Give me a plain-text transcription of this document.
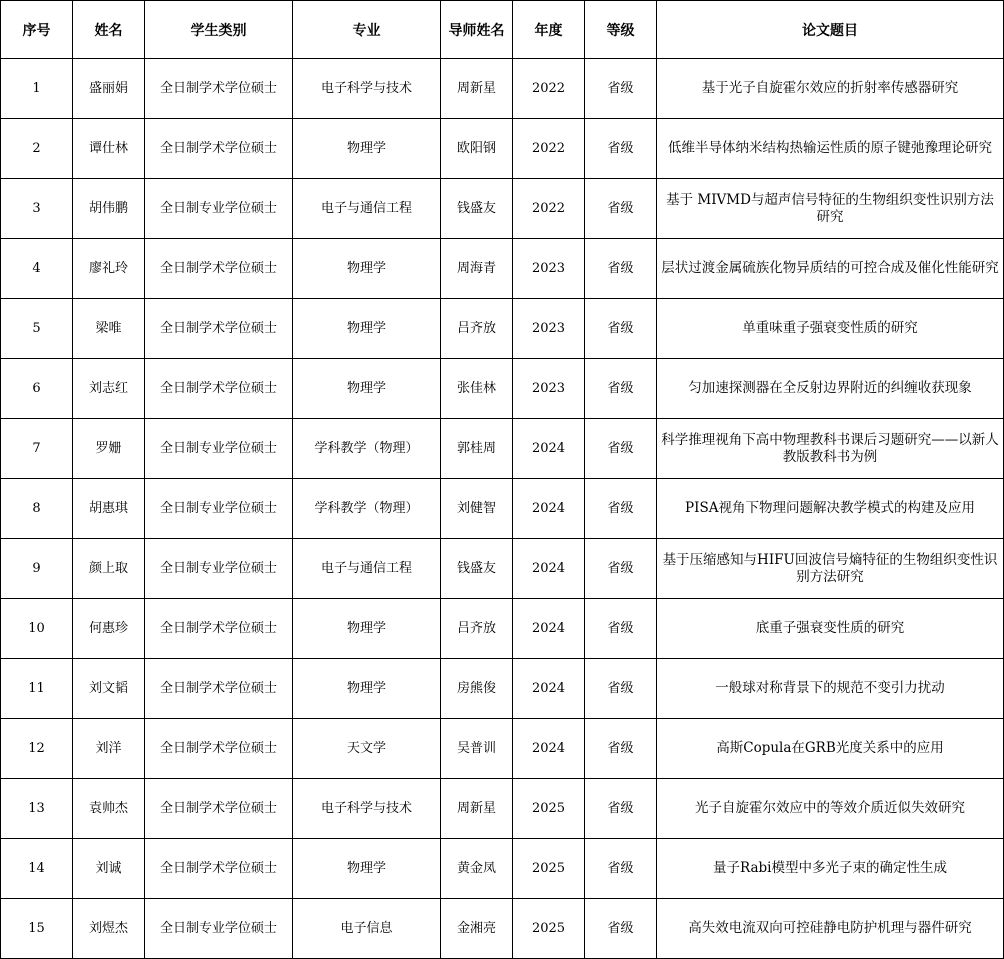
序号	姓名	学生类别	专业	导师姓名	年度	等级	论文题目
1	盛丽娟	全日制学术学位硕士	电子科学与技术	周新星	2022	省级	基于光子自旋霍尔效应的折射率传感器研究
2	谭仕林	全日制学术学位硕士	物理学	欧阳钢	2022	省级	低维半导体纳米结构热输运性质的原子键弛豫理论研究
3	胡伟鹏	全日制专业学位硕士	电子与通信工程	钱盛友	2022	省级	基于 MIVMD与超声信号特征的生物组织变性识别方法研究
4	廖礼玲	全日制学术学位硕士	物理学	周海青	2023	省级	层状过渡金属硫族化物异质结的可控合成及催化性能研究
5	梁唯	全日制学术学位硕士	物理学	吕齐放	2023	省级	单重味重子强衰变性质的研究
6	刘志红	全日制学术学位硕士	物理学	张佳林	2023	省级	匀加速探测器在全反射边界附近的纠缠收获现象
7	罗姗	全日制专业学位硕士	学科教学（物理）	郭桂周	2024	省级	科学推理视角下高中物理教科书课后习题研究——以新人教版教科书为例
8	胡惠琪	全日制专业学位硕士	学科教学（物理）	刘健智	2024	省级	PISA视角下物理问题解决教学模式的构建及应用
9	颜上取	全日制专业学位硕士	电子与通信工程	钱盛友	2024	省级	基于压缩感知与HIFU回波信号熵特征的生物组织变性识别方法研究
10	何惠珍	全日制学术学位硕士	物理学	吕齐放	2024	省级	底重子强衰变性质的研究
11	刘文韬	全日制学术学位硕士	物理学	房熊俊	2024	省级	一般球对称背景下的规范不变引力扰动
12	刘洋	全日制学术学位硕士	天文学	吴普训	2024	省级	高斯Copula在GRB光度关系中的应用
13	袁帅杰	全日制学术学位硕士	电子科学与技术	周新星	2025	省级	光子自旋霍尔效应中的等效介质近似失效研究
14	刘诚	全日制学术学位硕士	物理学	黄金凤	2025	省级	量子Rabi模型中多光子束的确定性生成
15	刘煜杰	全日制专业学位硕士	电子信息	金湘亮	2025	省级	高失效电流双向可控硅静电防护机理与器件研究
